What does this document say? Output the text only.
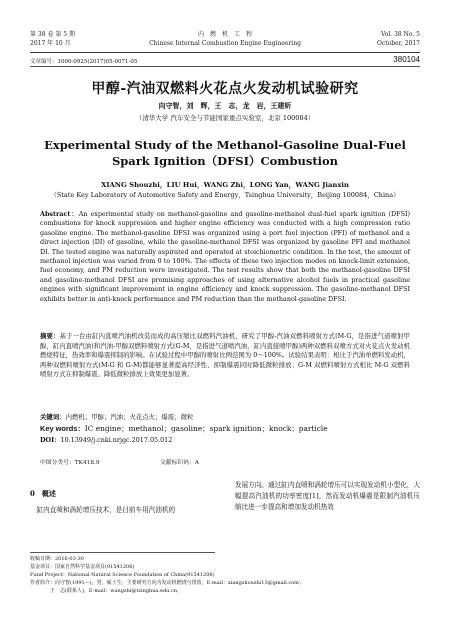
第 38 卷 第 5 期
2017 年 10 月
内　燃　机　工　程
Chinese Internal Combustion Engine Engineering
Vol. 38 No. 5
October, 2017
文章编号：1000-0925(2017)05-0071-05	380104
甲醇-汽油双燃料火花点火发动机试验研究
向守智，刘　辉，王　志，龙　岩，王建昕
（清华大学 汽车安全与节能国家重点实验室，北京 100084）
Experimental Study of the Methanol-Gasoline Dual-Fuel
Spark Ignition（DFSI）Combustion
XIANG Shouzhi，LIU Hui，WANG Zhi，LONG Yan，WANG Jianxin
（State Key Laboratory of Automotive Safety and Energy，Tsinghua University，Beijing 100084，China）
Abstract：An experimental study on methanol-gasoline and gasoline-methanol dual-fuel spark ignition (DFSI) combustions for knock suppression and higher engine efficiency was conducted with a high compression ratio gasoline engine. The methanol-gasoline DFSI was organized using a port fuel injection (PFI) of methanol and a direct injection (DI) of gasoline, while the gasoline-methanol DFSI was organized by gasoline PFI and methanol DI. The tested engine was naturally aspirated and operated at stoichiometric condition. In the test, the amount of methanol injection was varied from 0 to 100%. The effects of these two injection modes on knock-limit extension, fuel economy, and PM reduction were investigated. The test results show that both the methanol-gasoline DFSI and gasoline-methanol DFSI are promising approaches of using alternative alcohol fuels in practical gasoline engines with significant improvement in engine efficiency and knock suppression. The gasoline-methanol DFSI exhibits better in anti-knock performance and PM reduction than the methanol-gasoline DFSI.
摘要：基于一台由缸内直喷汽油机改装而成的高压缩比双燃料汽油机，研究了甲醇-汽油双燃料喷射方式(M-G，是指进气道喷射甲醇，缸内直喷汽油)和汽油-甲醇双燃料喷射方式(G-M，是指进气道喷汽油，缸内直接喷甲醇)两种双燃料双喷方式对火花点火发动机燃烧特征，热效率和爆震抑制的影响。在试验过程中甲醇的喷射比例范围为 0～100%。试验结果表明：相比于汽油单燃料发动机，两种双燃料喷射方式(M-G 和 G-M)都能够显著提高经济性、抑制爆震同时降低微粒排放；G-M 双燃料喷射方式相比 M-G 双燃料喷射方式在抑制爆震、降低微粒排放上效果更加显著。
关键词：内燃机；甲醇；汽油；火花点火；爆震；微粒
Key words：IC engine；methanol；gasoline；spark ignition；knock；particle
DOI：10.13949/j.cnki.nrjgc.2017.05.012
中图分类号：TK418.9	文献标识码：A
0　概述
缸内直喷和涡轮增压技术，是目前车用汽油机的
发展方向。通过缸内直喷和涡轮增压可以实现发动机小型化，大幅提高汽油机的功率密度[1]，然而发动机爆震是限制汽油机压缩比进一步提高和增加发动机热效
收稿日期：2016-03-30
基金项目：国家自然科学基金项目(91541206)
Fund Project：National Natural Science Foundation of China(91541206)
作者简介：向守智(1991—)，男，硕士生，主要研究方向为发动机燃烧与排放，E-mail：xiangshouzhi13@gmail.com；
王　志(联系人)，E-mail：wangzhi@tsinghua.edu.cn。
